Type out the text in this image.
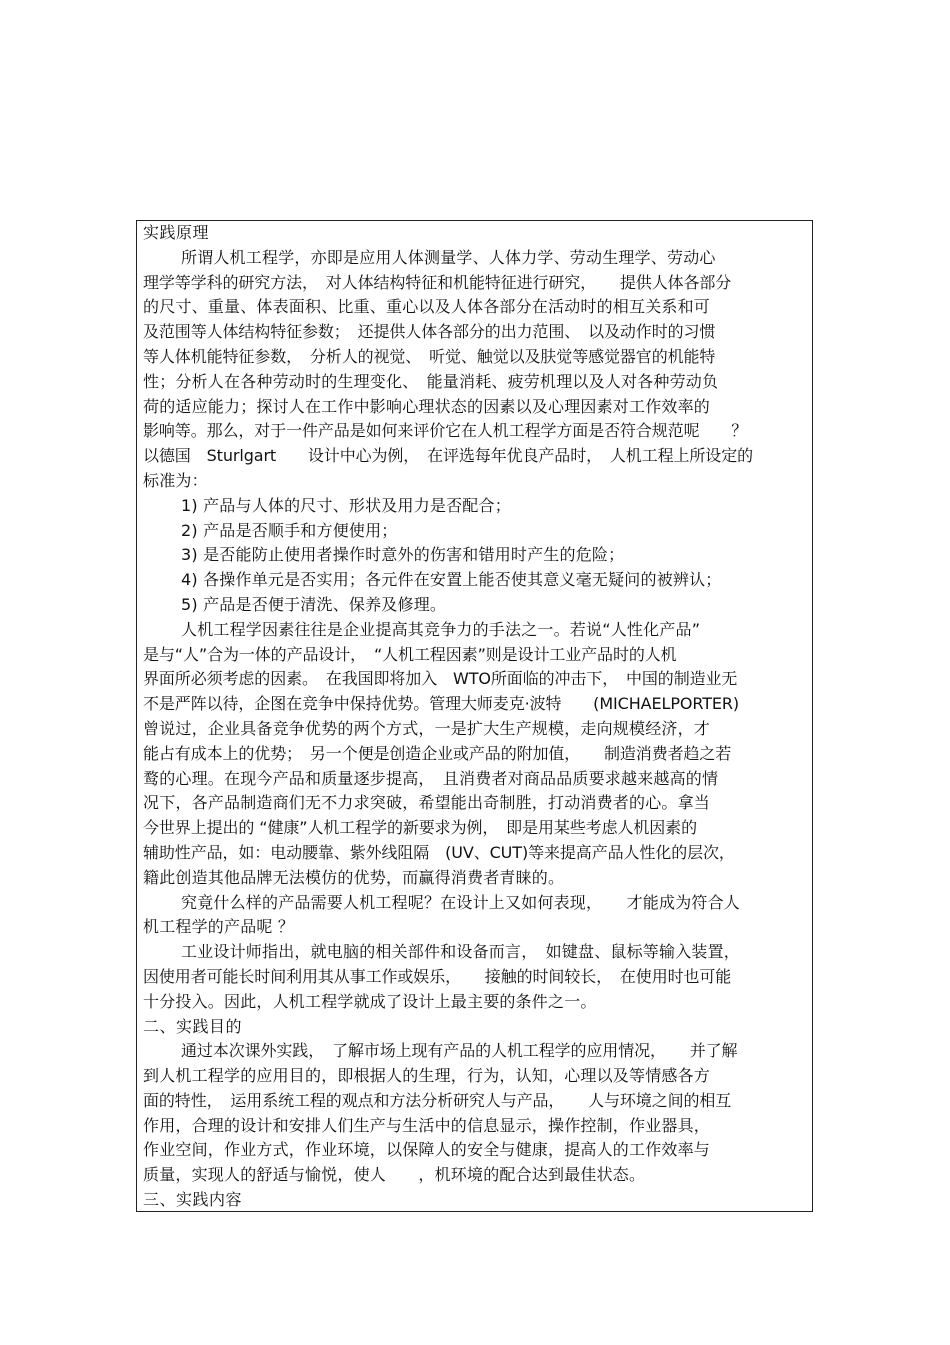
实践原理
所谓人机工程学，亦即是应用人体测量学、人体力学、劳动生理学、劳动心
理学等学科的研究方法，　对人体结构特征和机能特征进行研究，　　提供人体各部分
的尺寸、重量、体表面积、比重、重心以及人体各部分在活动时的相互关系和可
及范围等人体结构特征参数；　还提供人体各部分的出力范围、　以及动作时的习惯
等人体机能特征参数，　分析人的视觉、　听觉、触觉以及肤觉等感觉器官的机能特
性；分析人在各种劳动时的生理变化、　能量消耗、疲劳机理以及人对各种劳动负
荷的适应能力；探讨人在工作中影响心理状态的因素以及心理因素对工作效率的
影响等。那么，对于一件产品是如何来评价它在人机工程学方面是否符合规范呢　　？
以德国　Sturlgart　　设计中心为例，　在评选每年优良产品时，　人机工程上所设定的
标准为：
1) 产品与人体的尺寸、形状及用力是否配合；
2) 产品是否顺手和方便使用；
3) 是否能防止使用者操作时意外的伤害和错用时产生的危险；
4) 各操作单元是否实用；各元件在安置上能否使其意义毫无疑问的被辨认；
5) 产品是否便于清洗、保养及修理。
人机工程学因素往往是企业提高其竞争力的手法之一。若说“人性化产品”
是与“人”合为一体的产品设计，　“人机工程因素”则是设计工业产品时的人机
界面所必须考虑的因素。　在我国即将加入　WTO所面临的冲击下，　中国的制造业无
不是严阵以待，企图在竞争中保持优势。管理大师麦克·波特　　(MICHAELPORTER)
曾说过，企业具备竞争优势的两个方式，一是扩大生产规模，走向规模经济，才
能占有成本上的优势；　另一个便是创造企业或产品的附加值，　　制造消费者趋之若
鹜的心理。在现今产品和质量逐步提高，　且消费者对商品品质要求越来越高的情
况下，各产品制造商们无不力求突破，希望能出奇制胜，打动消费者的心。拿当
今世界上提出的 “健康”人机工程学的新要求为例，　即是用某些考虑人机因素的
辅助性产品，如：电动腰靠、紫外线阻隔　(UV、CUT)等来提高产品人性化的层次，
籍此创造其他品牌无法模仿的优势，而赢得消费者青睐的。
究竟什么样的产品需要人机工程呢？在设计上又如何表现，　　才能成为符合人
机工程学的产品呢 ？
工业设计师指出，就电脑的相关部件和设备而言，　如键盘、鼠标等输入装置，
因使用者可能长时间利用其从事工作或娱乐，　　接触的时间较长，　在使用时也可能
十分投入。因此，人机工程学就成了设计上最主要的条件之一。
二、实践目的
通过本次课外实践，　了解市场上现有产品的人机工程学的应用情况，　　并了解
到人机工程学的应用目的，即根据人的生理，行为，认知，心理以及等情感各方
面的特性，　运用系统工程的观点和方法分析研究人与产品，　　人与环境之间的相互
作用，合理的设计和安排人们生产与生活中的信息显示，操作控制，作业器具，
作业空间，作业方式，作业环境，以保障人的安全与健康，提高人的工作效率与
质量，实现人的舒适与愉悦，使人　　，机环境的配合达到最佳状态。
三、实践内容
